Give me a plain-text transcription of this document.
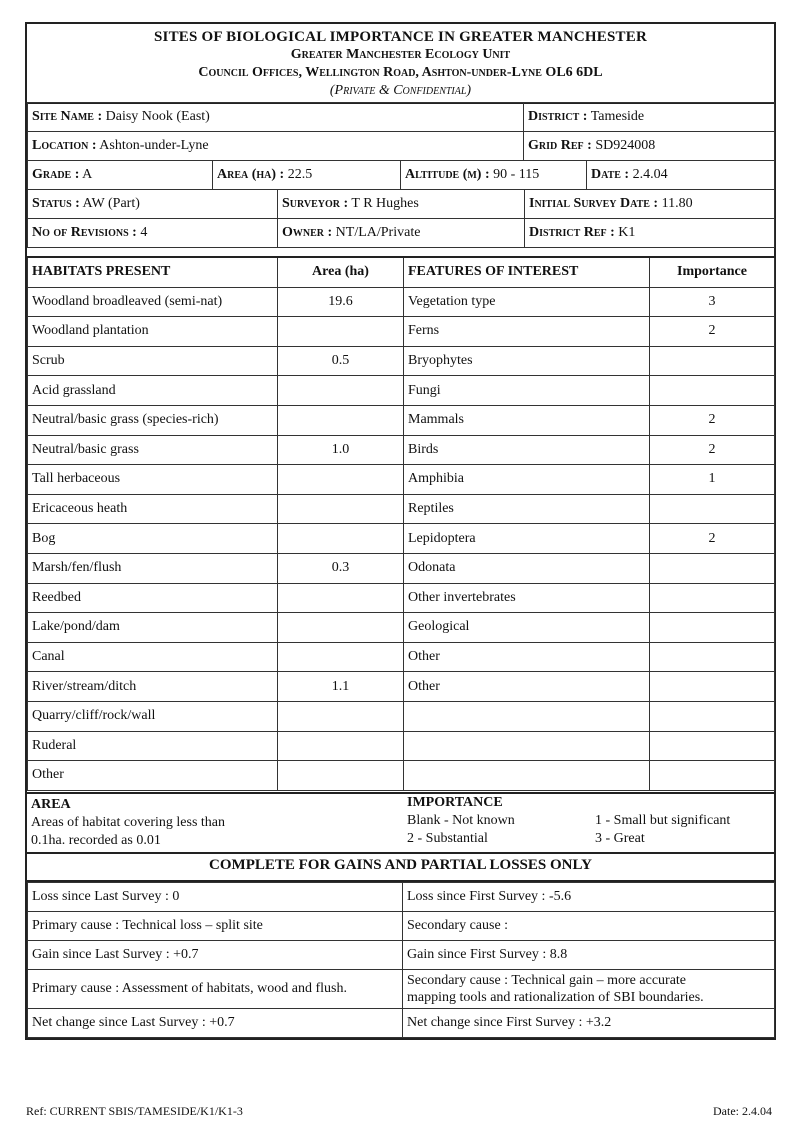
SITES OF BIOLOGICAL IMPORTANCE IN GREATER MANCHESTER
Greater Manchester Ecology Unit
Council Offices, Wellington Road, Ashton-under-Lyne OL6 6DL
(Private & Confidential)
Site Name : Daisy Nook (East)	District : Tameside
Location : Ashton-under-Lyne	Grid Ref : SD924008
Grade : A	Area (ha) : 22.5	Altitude (m) : 90 - 115	Date : 2.4.04
Status : AW (Part)	Surveyor : T R Hughes	Initial Survey Date : 11.80
No of Revisions : 4	Owner : NT/LA/Private	District Ref : K1
HABITATS PRESENT	Area (ha)	FEATURES OF INTEREST	Importance
Woodland broadleaved (semi-nat)	19.6	Vegetation type	3
Woodland plantation		Ferns	2
Scrub	0.5	Bryophytes	
Acid grassland		Fungi	
Neutral/basic grass (species-rich)		Mammals	2
Neutral/basic grass	1.0	Birds	2
Tall herbaceous		Amphibia	1
Ericaceous heath		Reptiles	
Bog		Lepidoptera	2
Marsh/fen/flush	0.3	Odonata	
Reedbed		Other invertebrates	
Lake/pond/dam		Geological	
Canal		Other	
River/stream/ditch	1.1	Other	
Quarry/cliff/rock/wall			
Ruderal			
Other			
AREA
Areas of habitat covering less than
0.1ha. recorded as 0.01
IMPORTANCE
Blank - Not known	1 - Small but significant
2 - Substantial	3 - Great
COMPLETE FOR GAINS AND PARTIAL LOSSES ONLY
Loss since Last Survey : 0	Loss since First Survey : -5.6
Primary cause : Technical loss – split site	Secondary cause :
Gain since Last Survey : +0.7	Gain since First Survey : 8.8
Primary cause : Assessment of habitats, wood and flush.	Secondary cause : Technical gain – more accurate
mapping tools and rationalization of SBI boundaries.

Net change since Last Survey : +0.7	Net change since First Survey : +3.2
Ref: CURRENT SBIS/TAMESIDE/K1/K1-3	Date: 2.4.04
